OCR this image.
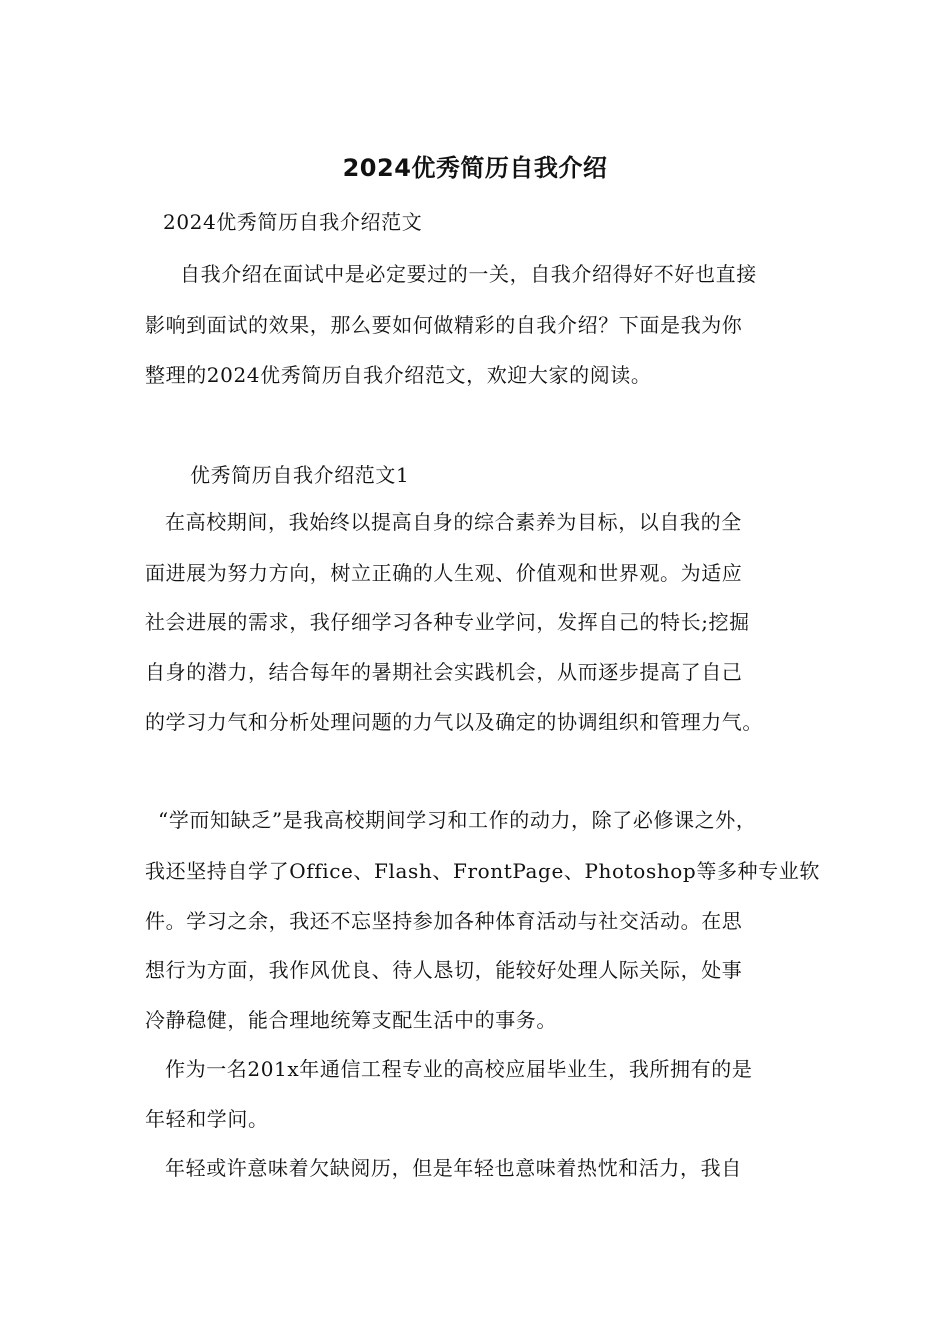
2024优秀简历自我介绍
2024优秀简历自我介绍范文
自我介绍在面试中是必定要过的一关，自我介绍得好不好也直接
影响到面试的效果，那么要如何做精彩的自我介绍？下面是我为你
整理的2024优秀简历自我介绍范文，欢迎大家的阅读。
优秀简历自我介绍范文1
在高校期间，我始终以提高自身的综合素养为目标，以自我的全
面进展为努力方向，树立正确的人生观、价值观和世界观。为适应
社会进展的需求，我仔细学习各种专业学问，发挥自己的特长;挖掘
自身的潜力，结合每年的暑期社会实践机会，从而逐步提高了自己
的学习力气和分析处理问题的力气以及确定的协调组织和管理力气。
“学而知缺乏”是我高校期间学习和工作的动力，除了必修课之外，
我还坚持自学了Office、Flash、FrontPage、Photoshop等多种专业软
件。学习之余，我还不忘坚持参加各种体育活动与社交活动。在思
想行为方面，我作风优良、待人恳切，能较好处理人际关际，处事
冷静稳健，能合理地统筹支配生活中的事务。
作为一名201x年通信工程专业的高校应届毕业生，我所拥有的是
年轻和学问。
年轻或许意味着欠缺阅历，但是年轻也意味着热忱和活力，我自
